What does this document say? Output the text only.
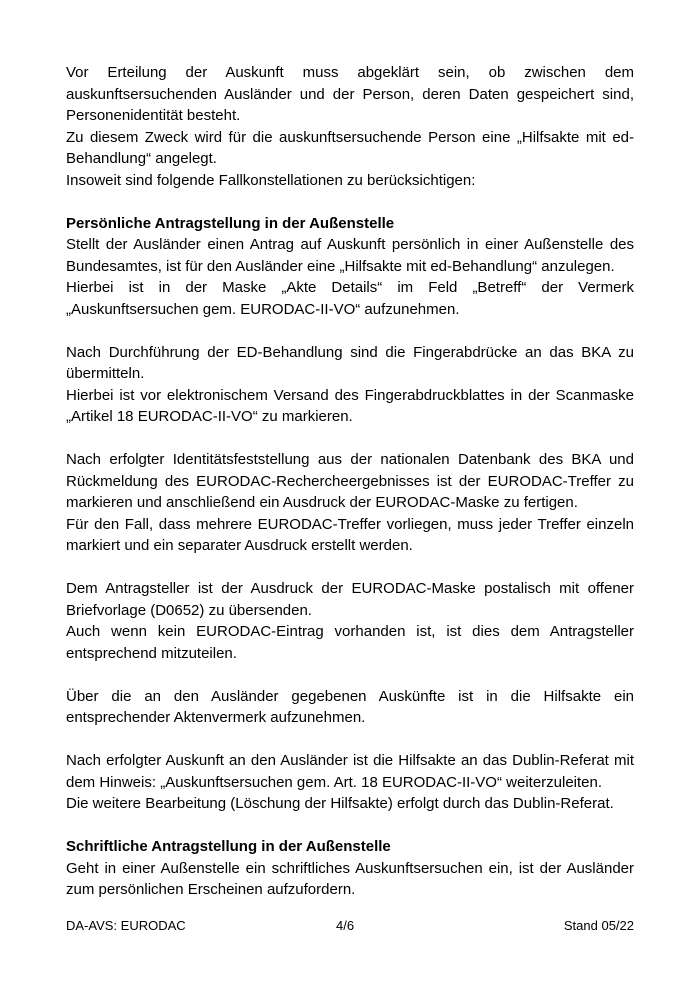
Vor Erteilung der Auskunft muss abgeklärt sein, ob zwischen dem auskunftsersuchenden Ausländer und der Person, deren Daten gespeichert sind, Personenidentität besteht.

Zu diesem Zweck wird für die auskunftsersuchende Person eine „Hilfsakte mit ed-Behandlung“ angelegt.

Insoweit sind folgende Fallkonstellationen zu berücksichtigen:

Persönliche Antragstellung in der Außenstelle

Stellt der Ausländer einen Antrag auf Auskunft persönlich in einer Außenstelle des Bundesamtes, ist für den Ausländer eine „Hilfsakte mit ed-Behandlung“ anzulegen.

Hierbei ist in der Maske „Akte Details“ im Feld „Betreff“ der Vermerk „Auskunftsersuchen gem. EURODAC-II-VO“ aufzunehmen.

Nach Durchführung der ED-Behandlung sind die Fingerabdrücke an das BKA zu übermitteln.

Hierbei ist vor elektronischem Versand des Fingerabdruckblattes in der Scanmaske „Artikel 18 EURODAC-II-VO“ zu markieren.

Nach erfolgter Identitätsfeststellung aus der nationalen Datenbank des BKA und Rückmeldung des EURODAC-Rechercheergebnisses ist der EURODAC-Treffer zu markieren und anschließend ein Ausdruck der EURODAC-Maske zu fertigen.

Für den Fall, dass mehrere EURODAC-Treffer vorliegen, muss jeder Treffer einzeln markiert und ein separater Ausdruck erstellt werden.

Dem Antragsteller ist der Ausdruck der EURODAC-Maske postalisch mit offener Briefvorlage (D0652) zu übersenden.

Auch wenn kein EURODAC-Eintrag vorhanden ist, ist dies dem Antragsteller entsprechend mitzuteilen.

Über die an den Ausländer gegebenen Auskünfte ist in die Hilfsakte ein entsprechender Aktenvermerk aufzunehmen.

Nach erfolgter Auskunft an den Ausländer ist die Hilfsakte an das Dublin-Referat mit dem Hinweis: „Auskunftsersuchen gem. Art. 18 EURODAC-II-VO“ weiterzuleiten.

Die weitere Bearbeitung (Löschung der Hilfsakte) erfolgt durch das Dublin-Referat.

Schriftliche Antragstellung in der Außenstelle

Geht in einer Außenstelle ein schriftliches Auskunftsersuchen ein, ist der Ausländer zum persönlichen Erscheinen aufzufordern.

DA-AVS: EURODAC	4/6	Stand 05/22
